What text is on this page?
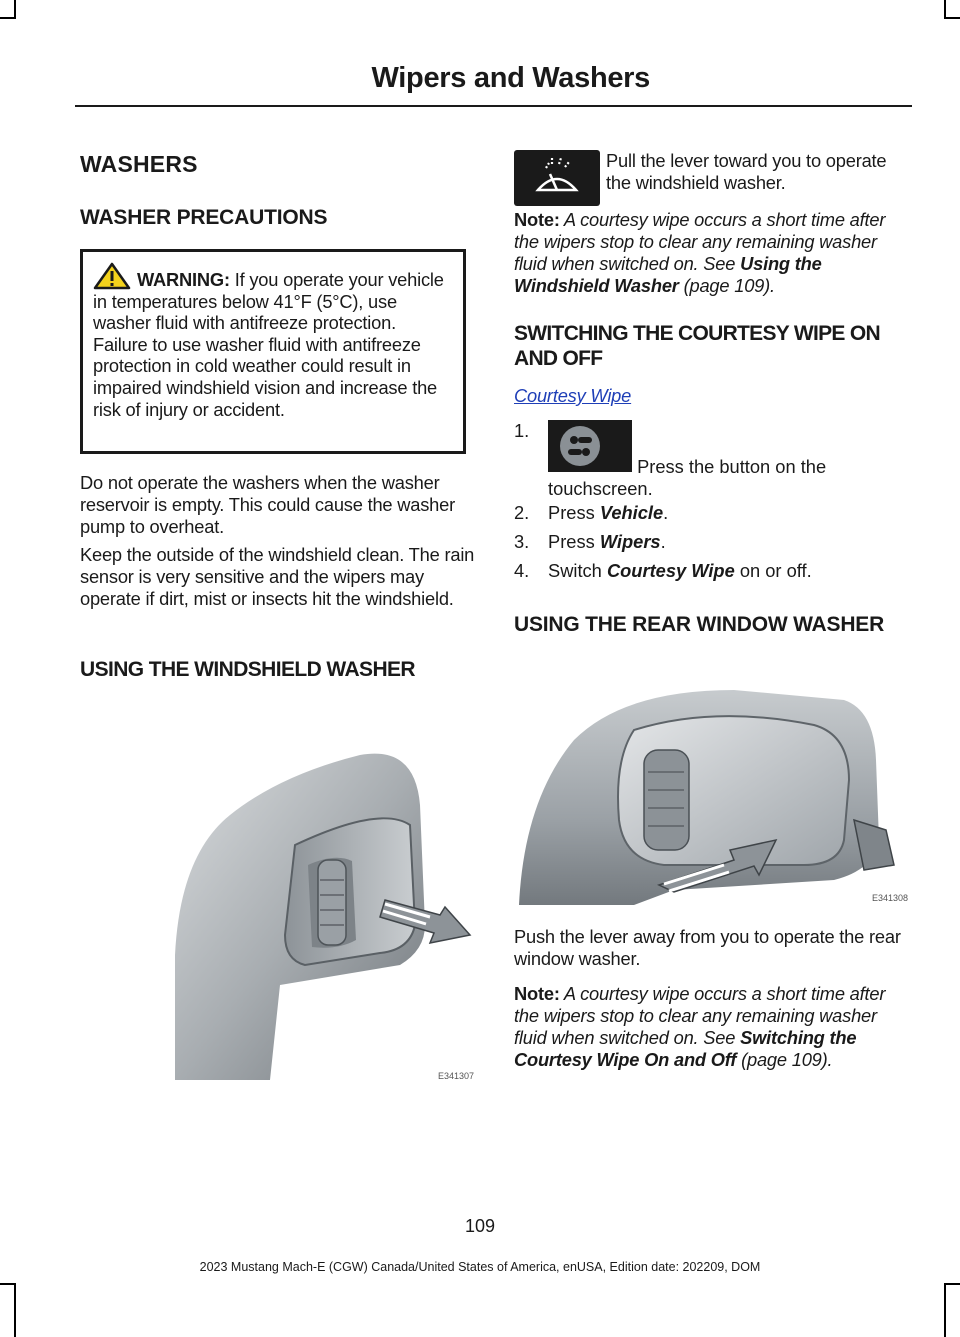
Wipers and Washers
WASHERS
WASHER PRECAUTIONS

WARNING: If you operate your vehicle in temperatures below 41°F (5°C), use washer fluid with antifreeze protection. Failure to use washer fluid with antifreeze protection in cold weather could result in impaired windshield vision and increase the risk of injury or accident.

Do not operate the washers when the washer reservoir is empty. This could cause the washer pump to overheat.
Keep the outside of the windshield clean. The rain sensor is very sensitive and the wipers may operate if dirt, mist or insects hit the windshield.
USING THE WINDSHIELD WASHER
E341307
Pull the lever toward you to operate the windshield washer.
Note: A courtesy wipe occurs a short time after the wipers stop to clear any remaining washer fluid when switched on. See Using the Windshield Washer (page 109).
SWITCHING THE COURTESY WIPE ON AND OFF
Courtesy Wipe
1.
Press the button on the touchscreen.
2. Press Vehicle.
3. Press Wipers.
4. Switch Courtesy Wipe on or off.
USING THE REAR WINDOW WASHER
E341308
Push the lever away from you to operate the rear window washer.
Note: A courtesy wipe occurs a short time after the wipers stop to clear any remaining washer fluid when switched on. See Switching the Courtesy Wipe On and Off (page 109).
109
2023 Mustang Mach-E (CGW) Canada/United States of America, enUSA, Edition date: 202209, DOM
